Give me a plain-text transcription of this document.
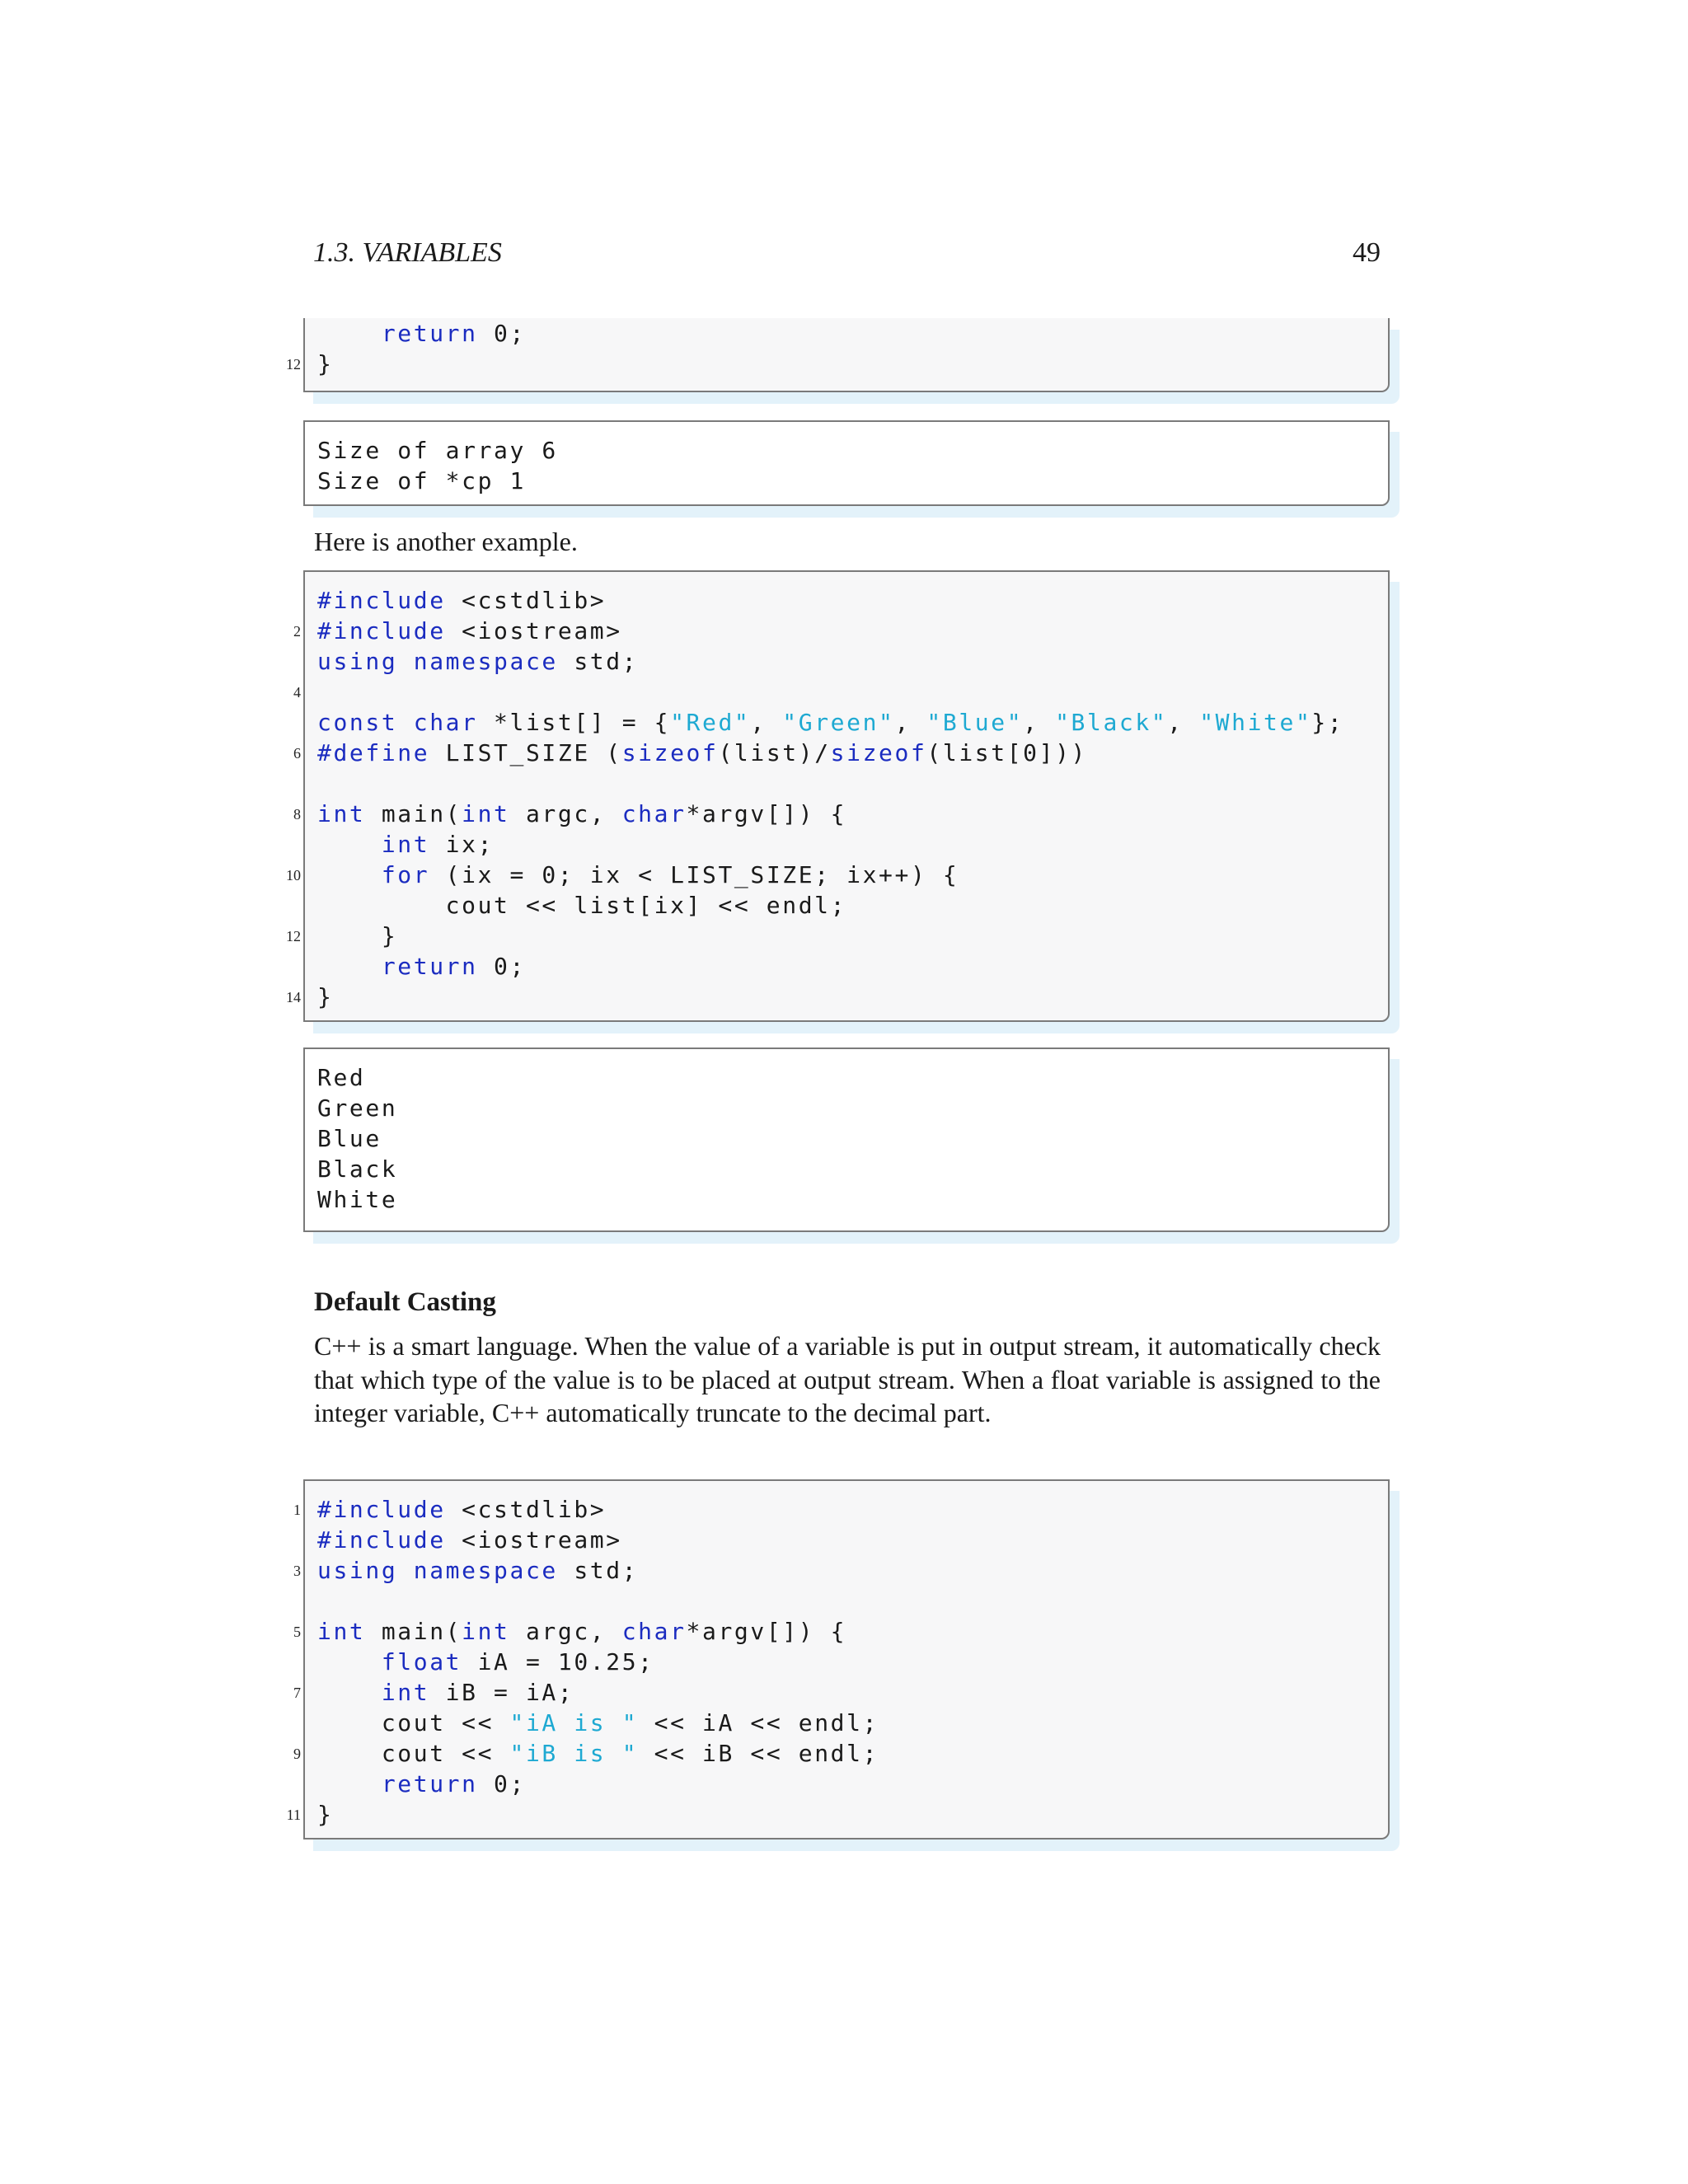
1.3. VARIABLES	49
return 0;
12 }
Size of array 6
Size of *cp 1
Here is another example.
#include <cstdlib>
2 #include <iostream>
using namespace std;
4
const char *list[] = {"Red", "Green", "Blue", "Black", "White"};
6 #define LIST_SIZE (sizeof(list)/sizeof(list[0]))
8 int main(int argc, char*argv[]) {
int ix;
10	for (ix = 0; ix < LIST_SIZE; ix++) {
cout << list[ix] << endl;
12 }
return 0;
14 }
Red
Green
Blue
Black
White
Default Casting
C++ is a smart language. When the value of a variable is put in output stream, it automatically check that which type of the value is to be placed at output stream. When a float variable is assigned to the integer variable, C++ automatically truncate to the decimal part.
1 #include <cstdlib>
#include <iostream>
3 using namespace std;
5 int main(int argc, char*argv[]) {
float iA = 10.25;
7	int iB = iA;
cout << "iA is " << iA << endl;
9 cout << "iB is " << iB << endl;
return 0;
11 }
